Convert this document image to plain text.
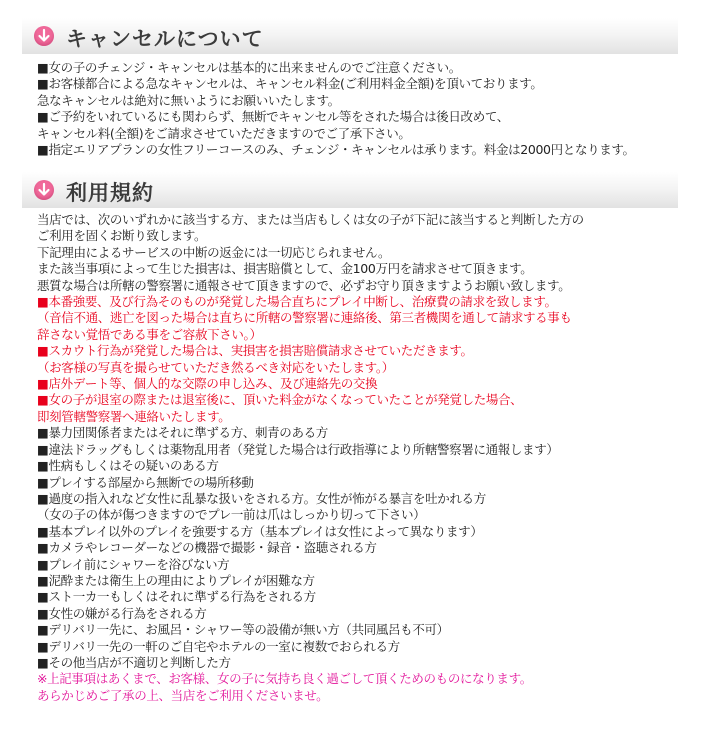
キャンセルについて
■女の子のチェンジ・キャンセルは基本的に出来ませんのでご注意ください。
■お客様都合による急なキャンセルは、キャンセル料金(ご利用料金全額)を頂いております。
急なキャンセルは絶対に無いようにお願いいたします。
■ご予約をいれているにも関わらず、無断でキャンセル等をされた場合は後日改めて、
キャンセル料(全額)をご請求させていただきますのでご了承下さい。
■指定エリアプランの女性フリーコースのみ、チェンジ・キャンセルは承ります。料金は2000円となります。
利用規約
当店では、次のいずれかに該当する方、または当店もしくは女の子が下記に該当すると判断した方の
ご利用を固くお断り致します。
下記理由によるサービスの中断の返金には一切応じられません。
また該当事項によって生じた損害は、損害賠償として、金100万円を請求させて頂きます。
悪質な場合は所轄の警察署に通報させて頂きますので、必ずお守り頂きますようお願い致します。
■本番強要、及び行為そのものが発覚した場合直ちにプレイ中断し、治療費の請求を致します。
（音信不通、逃亡を図った場合は直ちに所轄の警察署に連絡後、第三者機関を通して請求する事も
辞さない覚悟である事をご容赦下さい。）
■スカウト行為が発覚した場合は、実損害を損害賠償請求させていただきます。
（お客様の写真を撮らせていただき然るべき対応をいたします。）
■店外デート等、個人的な交際の申し込み、及び連絡先の交換
■女の子が退室の際または退室後に、頂いた料金がなくなっていたことが発覚した場合、
即刻管轄警察署へ連絡いたします。
■暴力団関係者またはそれに準ずる方、刺青のある方
■違法ドラッグもしくは薬物乱用者（発覚した場合は行政指導により所轄警察署に通報します）
■性病もしくはその疑いのある方
■プレイする部屋から無断での場所移動
■過度の指入れなど女性に乱暴な扱いをされる方。女性が怖がる暴言を吐かれる方
（女の子の体が傷つきますのでプレ一前は爪はしっかり切って下さい）
■基本プレイ以外のプレイを強要する方（基本プレイは女性によって異なります）
■カメラやレコーダーなどの機器で撮影・録音・盗聴される方
■プレイ前にシャワーを浴びない方
■泥酔または衛生上の理由によりプレイが困難な方
■スト一カ一もしくはそれに準ずる行為をされる方
■女性の嫌がる行為をされる方
■デリバリ一先に、お風呂・シャワー等の設備が無い方（共同風呂も不可）
■デリバリ一先の一軒のご自宅やホテルの一室に複数でおられる方
■その他当店が不適切と判断した方
※上記事項はあくまで、お客様、女の子に気持ち良く過ごして頂くためのものになります。
あらかじめご了承の上、当店をご利用くださいませ。
